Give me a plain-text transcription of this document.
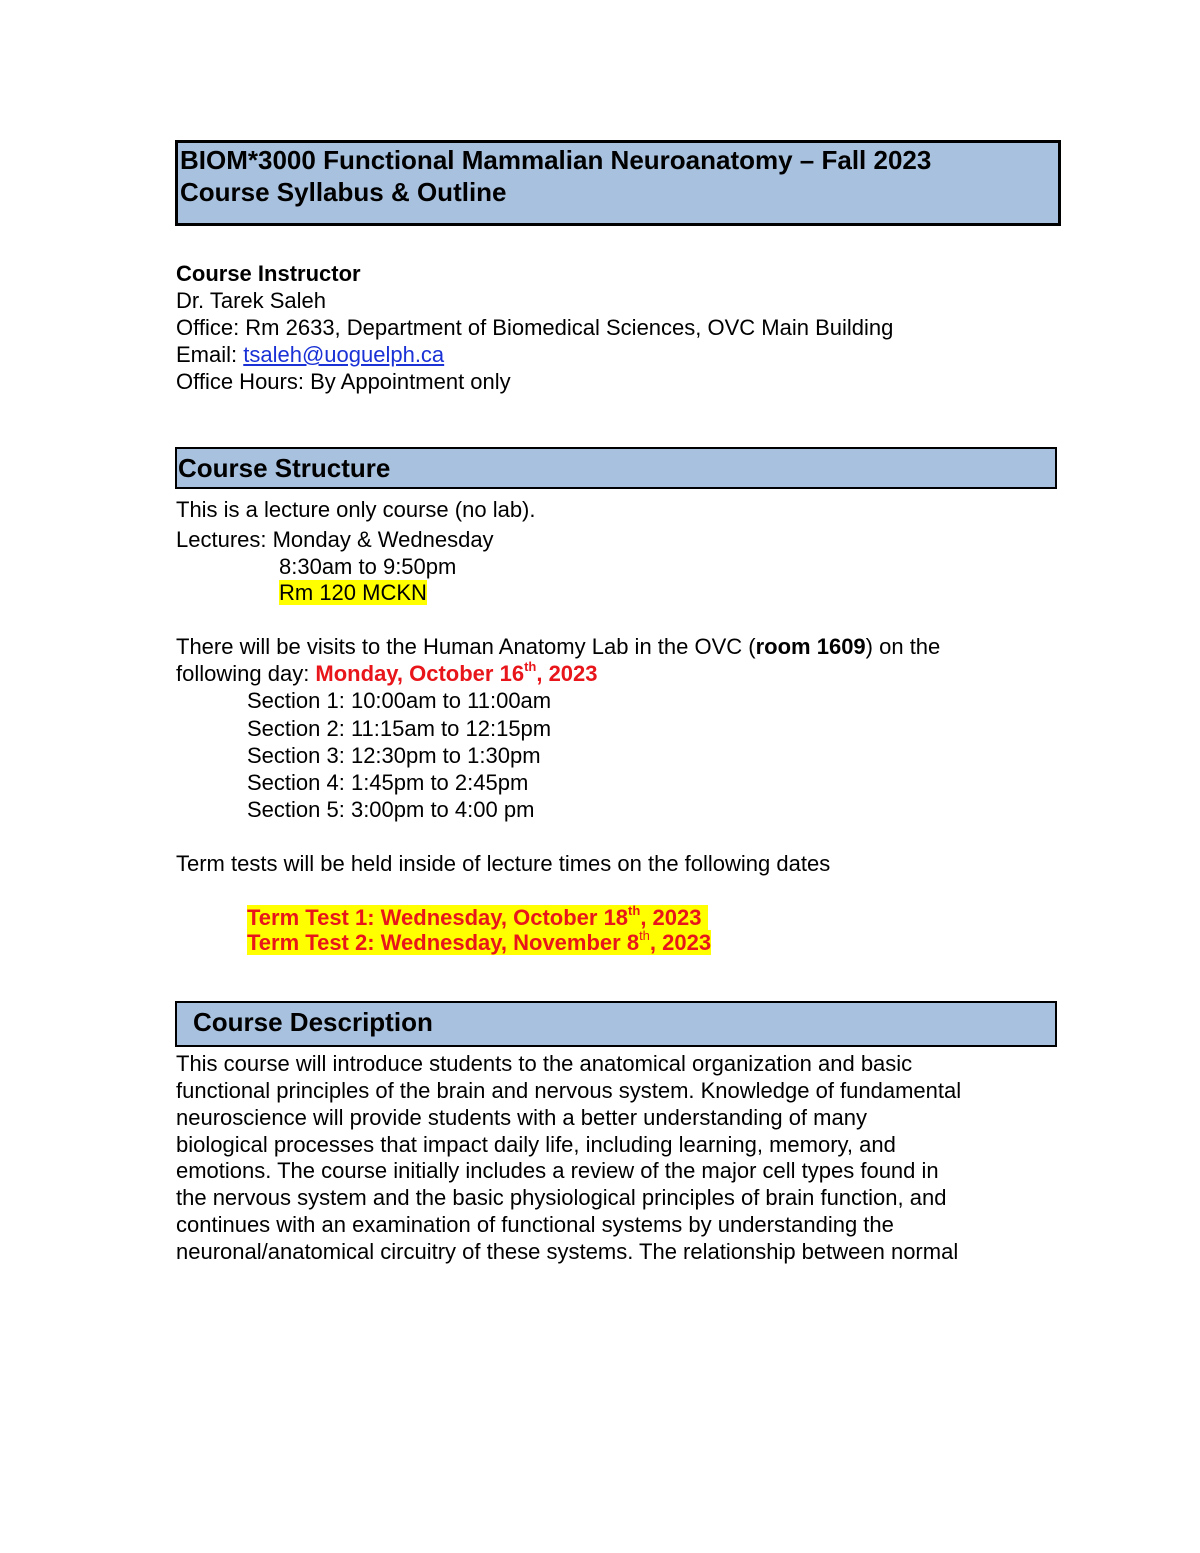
BIOM*3000 Functional Mammalian Neuroanatomy – Fall 2023
Course Syllabus & Outline
Course Instructor
Dr. Tarek Saleh
Office: Rm 2633, Department of Biomedical Sciences, OVC Main Building
Email: tsaleh@uoguelph.ca
Office Hours: By Appointment only
Course Structure
This is a lecture only course (no lab).
Lectures: Monday & Wednesday
8:30am to 9:50pm
Rm 120 MCKN
There will be visits to the Human Anatomy Lab in the OVC (room 1609) on the
following day: Monday, October 16th, 2023
Section 1: 10:00am to 11:00am
Section 2: 11:15am to 12:15pm
Section 3: 12:30pm to 1:30pm
Section 4: 1:45pm to 2:45pm
Section 5: 3:00pm to 4:00 pm
Term tests will be held inside of lecture times on the following dates
Term Test 1: Wednesday, October 18th, 2023
Term Test 2: Wednesday, November 8th, 2023
Course Description
This course will introduce students to the anatomical organization and basic
functional principles of the brain and nervous system. Knowledge of fundamental
neuroscience will provide students with a better understanding of many
biological processes that impact daily life, including learning, memory, and
emotions. The course initially includes a review of the major cell types found in
the nervous system and the basic physiological principles of brain function, and
continues with an examination of functional systems by understanding the
neuronal/anatomical circuitry of these systems. The relationship between normal
